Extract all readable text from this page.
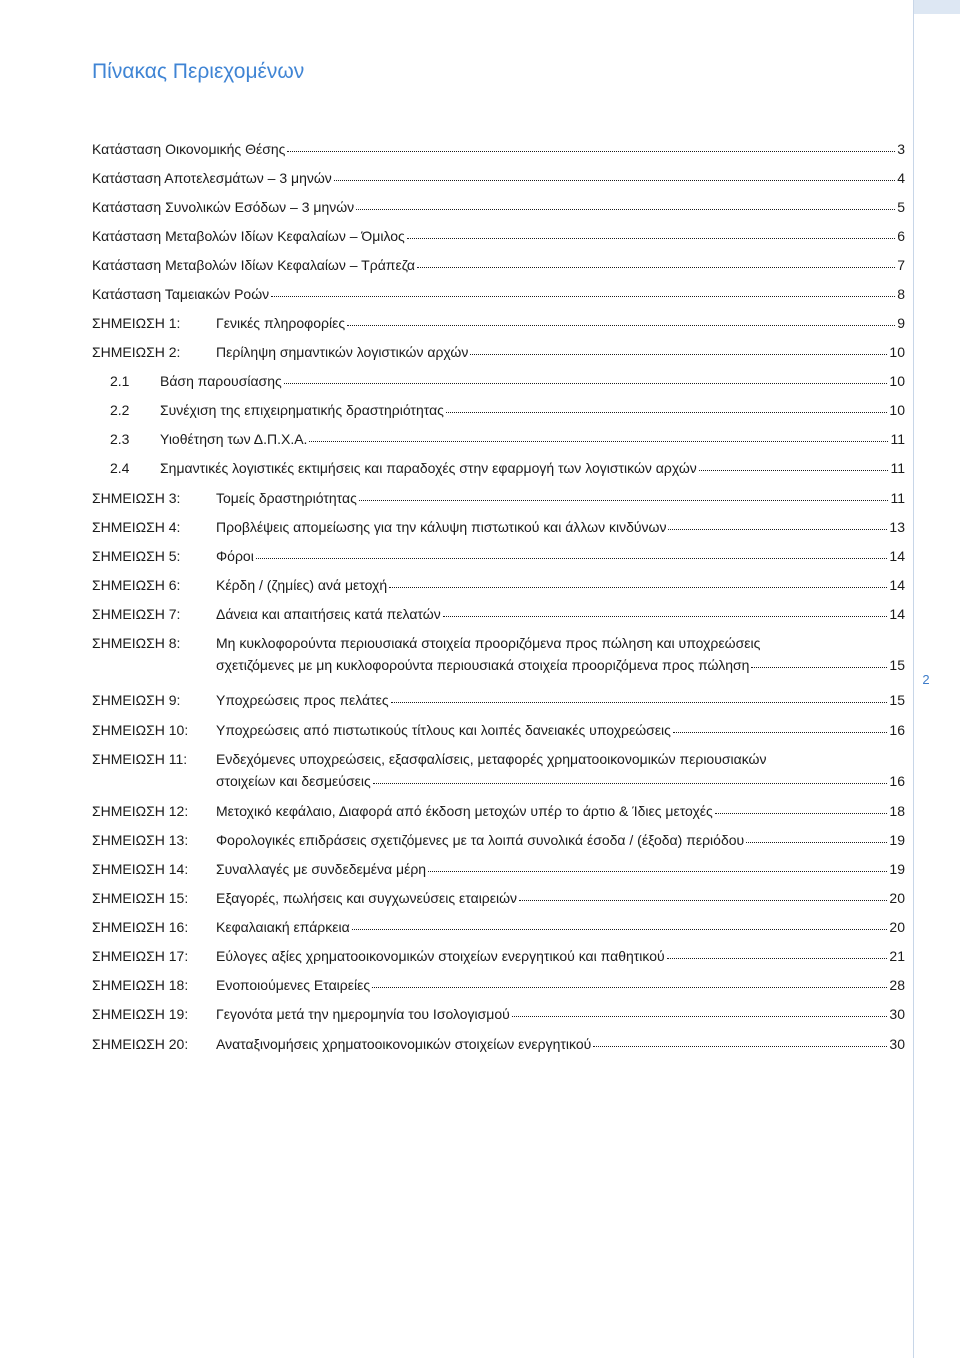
2
Πίνακας Περιεχομένων
Κατάσταση Οικονομικής Θέσης	3
Κατάσταση Αποτελεσμάτων – 3 μηνών	4
Κατάσταση Συνολικών Εσόδων – 3 μηνών	5
Κατάσταση Μεταβολών Ιδίων Κεφαλαίων – Όμιλος	6
Κατάσταση Μεταβολών Ιδίων Κεφαλαίων – Τράπεζα	7
Κατάσταση Ταμειακών Ροών	8
ΣΗΜΕΙΩΣΗ 1:	Γενικές πληροφορίες	9
ΣΗΜΕΙΩΣΗ 2:	Περίληψη σημαντικών λογιστικών αρχών	10
2.1	Βάση παρουσίασης	10
2.2	Συνέχιση της επιχειρηματικής δραστηριότητας	10
2.3	Υιοθέτηση των Δ.Π.Χ.Α.	11
2.4	Σημαντικές λογιστικές εκτιμήσεις και παραδοχές στην εφαρμογή των λογιστικών αρχών	11
ΣΗΜΕΙΩΣΗ 3:	Τομείς δραστηριότητας	11
ΣΗΜΕΙΩΣΗ 4:	Προβλέψεις απομείωσης για την κάλυψη πιστωτικού και άλλων κινδύνων	13
ΣΗΜΕΙΩΣΗ 5:	Φόροι	14
ΣΗΜΕΙΩΣΗ 6:	Κέρδη / (ζημίες) ανά μετοχή	14
ΣΗΜΕΙΩΣΗ 7:	Δάνεια και απαιτήσεις κατά πελατών	14
ΣΗΜΕΙΩΣΗ 8:	Μη κυκλοφορούντα περιουσιακά στοιχεία προοριζόμενα προς πώληση και υποχρεώσεις
σχετιζόμενες με μη κυκλοφορούντα περιουσιακά στοιχεία προοριζόμενα προς πώληση	15
ΣΗΜΕΙΩΣΗ 9:	Υποχρεώσεις προς πελάτες	15
ΣΗΜΕΙΩΣΗ 10:	Υποχρεώσεις από πιστωτικούς τίτλους και λοιπές δανειακές υποχρεώσεις	16
ΣΗΜΕΙΩΣΗ 11:	Ενδεχόμενες υποχρεώσεις, εξασφαλίσεις, μεταφορές χρηματοοικονομικών περιουσιακών
στοιχείων και δεσμεύσεις	16
ΣΗΜΕΙΩΣΗ 12:	Μετοχικό κεφάλαιο, Διαφορά από έκδοση μετοχών υπέρ το άρτιο & Ίδιες μετοχές	18
ΣΗΜΕΙΩΣΗ 13:	Φορολογικές επιδράσεις σχετιζόμενες με τα λοιπά συνολικά έσοδα / (έξοδα) περιόδου	19
ΣΗΜΕΙΩΣΗ 14:	Συναλλαγές με συνδεδεμένα μέρη	19
ΣΗΜΕΙΩΣΗ 15:	Εξαγορές, πωλήσεις και συγχωνεύσεις εταιρειών	20
ΣΗΜΕΙΩΣΗ 16:	Κεφαλαιακή επάρκεια	20
ΣΗΜΕΙΩΣΗ 17:	Εύλογες αξίες χρηματοοικονομικών στοιχείων ενεργητικού και παθητικού	21
ΣΗΜΕΙΩΣΗ 18:	Ενοποιούμενες Εταιρείες	28
ΣΗΜΕΙΩΣΗ 19:	Γεγονότα μετά την ημερομηνία του Ισολογισμού	30
ΣΗΜΕΙΩΣΗ 20:	Αναταξινομήσεις χρηματοοικονομικών στοιχείων ενεργητικού	30
